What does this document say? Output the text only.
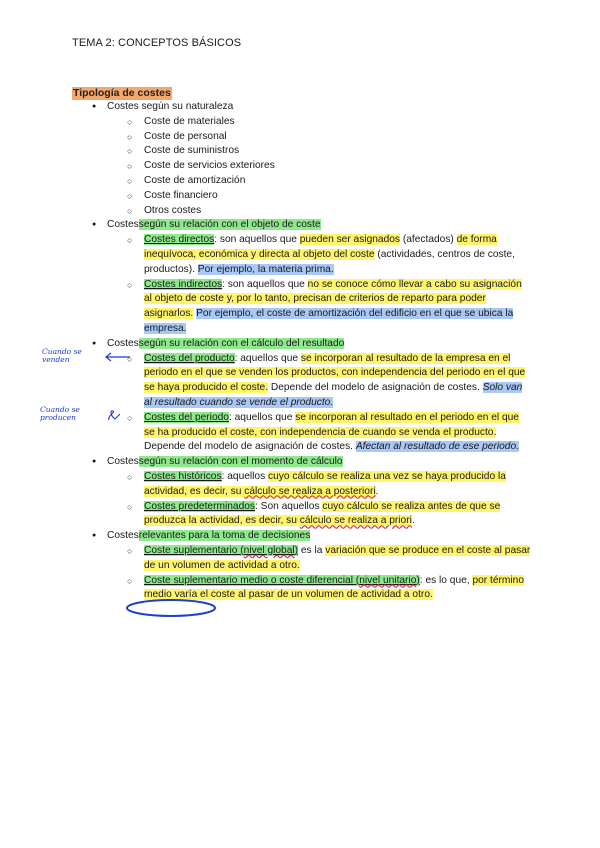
TEMA 2: CONCEPTOS BÁSICOS
Tipología de costes
● Costes según su naturaleza
○ Coste de materiales
○ Coste de personal
○ Coste de suministros
○ Coste de servicios exteriores
○ Coste de amortización
○ Coste financiero
○ Otros costes
● Costessegún su relación con el objeto de coste
○ Costes directos: son aquellos que pueden ser asignados (afectados) de forma inequívoca, económica y directa al objeto del coste (actividades, centros de coste, productos). Por ejemplo, la materia prima.
○ Costes indirectos: son aquellos que no se conoce cómo llevar a cabo su asignación al objeto de coste y, por lo tanto, precisan de criterios de reparto para poder asignarlos. Por ejemplo, el coste de amortización del edificio en el que se ubica la empresa.
● Costessegún su relación con el cálculo del resultado
○ Costes del producto: aquellos que se incorporan al resultado de la empresa en el periodo en el que se venden los productos, con independencia del periodo en el que se haya producido el coste. Depende del modelo de asignación de costes. Solo van al resultado cuando se vende el producto.
○ Costes del periodo: aquellos que se incorporan al resultado en el periodo en el que se ha producido el coste, con independencia de cuando se venda el producto. Depende del modelo de asignación de costes. Afectan al resultado de ese periodo.
● Costessegún su relación con el momento de cálculo
○ Costes históricos: aquellos cuyo cálculo se realiza una vez se haya producido la actividad, es decir, su cálculo se realiza a posteriori.
○ Costes predeterminados: Son aquellos cuyo cálculo se realiza antes de que se produzca la actividad, es decir, su cálculo se realiza a priori.
● Costesrelevantes para la toma de decisiones
○ Coste suplementario (nivel global) es la variación que se produce en el coste al pasar de un volumen de actividad a otro.
○ Coste suplementario medio o coste diferencial (nivel unitario): es lo que, por término medio varía el coste al pasar de un volumen de actividad a otro.
Cuando se venden
Cuando se producen
